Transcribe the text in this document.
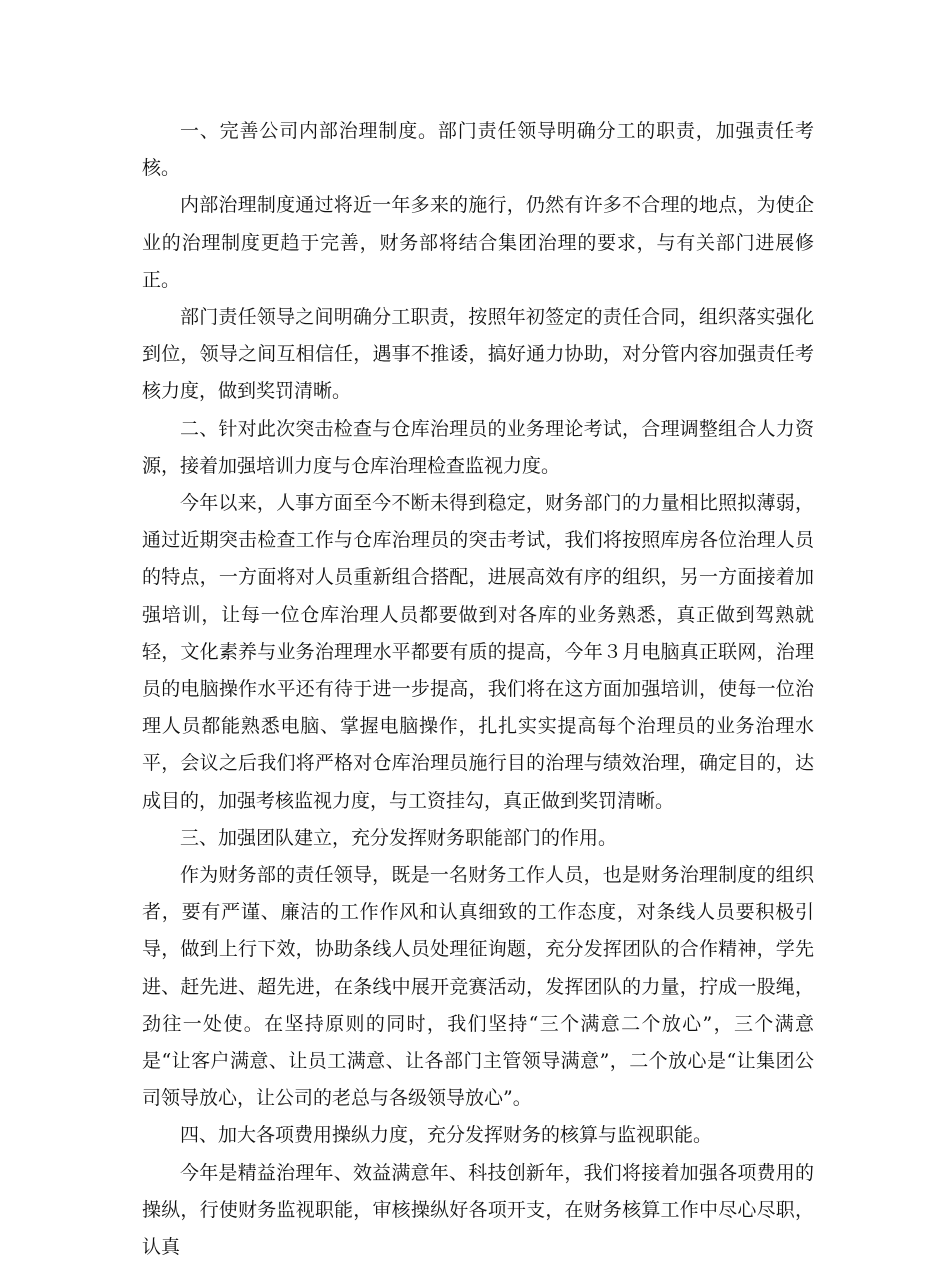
一、完善公司内部治理制度。部门责任领导明确分工的职责，加强责任考核。

内部治理制度通过将近一年多来的施行，仍然有许多不合理的地点，为使企业的治理制度更趋于完善，财务部将结合集团治理的要求，与有关部门进展修正。

部门责任领导之间明确分工职责，按照年初签定的责任合同，组织落实强化到位，领导之间互相信任，遇事不推诿，搞好通力协助，对分管内容加强责任考核力度，做到奖罚清晰。

二、针对此次突击检查与仓库治理员的业务理论考试，合理调整组合人力资源，接着加强培训力度与仓库治理检查监视力度。

今年以来，人事方面至今不断未得到稳定，财务部门的力量相比照拟薄弱，通过近期突击检查工作与仓库治理员的突击考试，我们将按照库房各位治理人员的特点，一方面将对人员重新组合搭配，进展高效有序的组织，另一方面接着加强培训，让每一位仓库治理人员都要做到对各库的业务熟悉，真正做到驾熟就轻，文化素养与业务治理理水平都要有质的提高，今年３月电脑真正联网，治理员的电脑操作水平还有待于进一步提高，我们将在这方面加强培训，使每一位治理人员都能熟悉电脑、掌握电脑操作，扎扎实实提高每个治理员的业务治理水平，会议之后我们将严格对仓库治理员施行目的治理与绩效治理，确定目的，达成目的，加强考核监视力度，与工资挂勾，真正做到奖罚清晰。

三、加强团队建立，充分发挥财务职能部门的作用。

作为财务部的责任领导，既是一名财务工作人员，也是财务治理制度的组织者，要有严谨、廉洁的工作作风和认真细致的工作态度，对条线人员要积极引导，做到上行下效，协助条线人员处理征询题，充分发挥团队的合作精神，学先进、赶先进、超先进，在条线中展开竞赛活动，发挥团队的力量，拧成一股绳，劲往一处使。在坚持原则的同时，我们坚持“三个满意二个放心”，三个满意是“让客户满意、让员工满意、让各部门主管领导满意”，二个放心是“让集团公司领导放心，让公司的老总与各级领导放心”。

四、加大各项费用操纵力度，充分发挥财务的核算与监视职能。

今年是精益治理年、效益满意年、科技创新年，我们将接着加强各项费用的操纵，行使财务监视职能，审核操纵好各项开支，在财务核算工作中尽心尽职，认真
